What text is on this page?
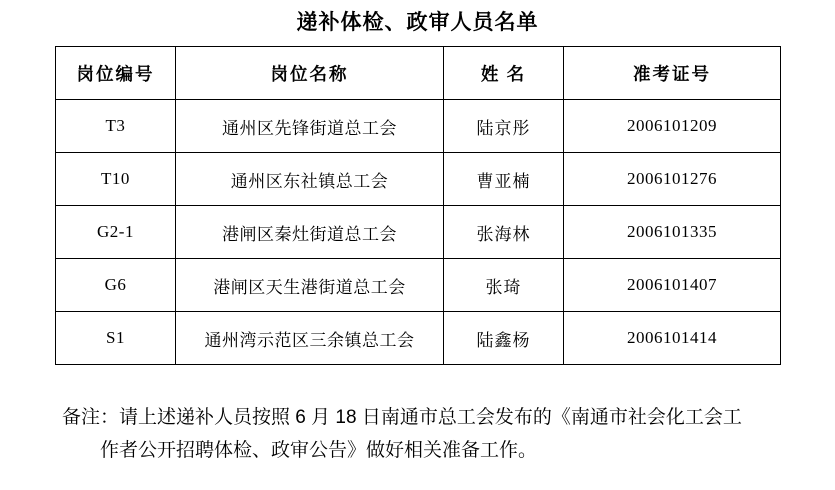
递补体检、政审人员名单
岗位编号	岗位名称	姓 名	准考证号
T3	通州区先锋街道总工会	陆京彤	2006101209
T10	通州区东社镇总工会	曹亚楠	2006101276
G2-1	港闸区秦灶街道总工会	张海林	2006101335
G6	港闸区天生港街道总工会	张琦	2006101407
S1	通州湾示范区三余镇总工会	陆鑫杨	2006101414
备注：请上述递补人员按照 6 月 18 日南通市总工会发布的《南通市社会化工会工
作者公开招聘体检、政审公告》做好相关准备工作。
